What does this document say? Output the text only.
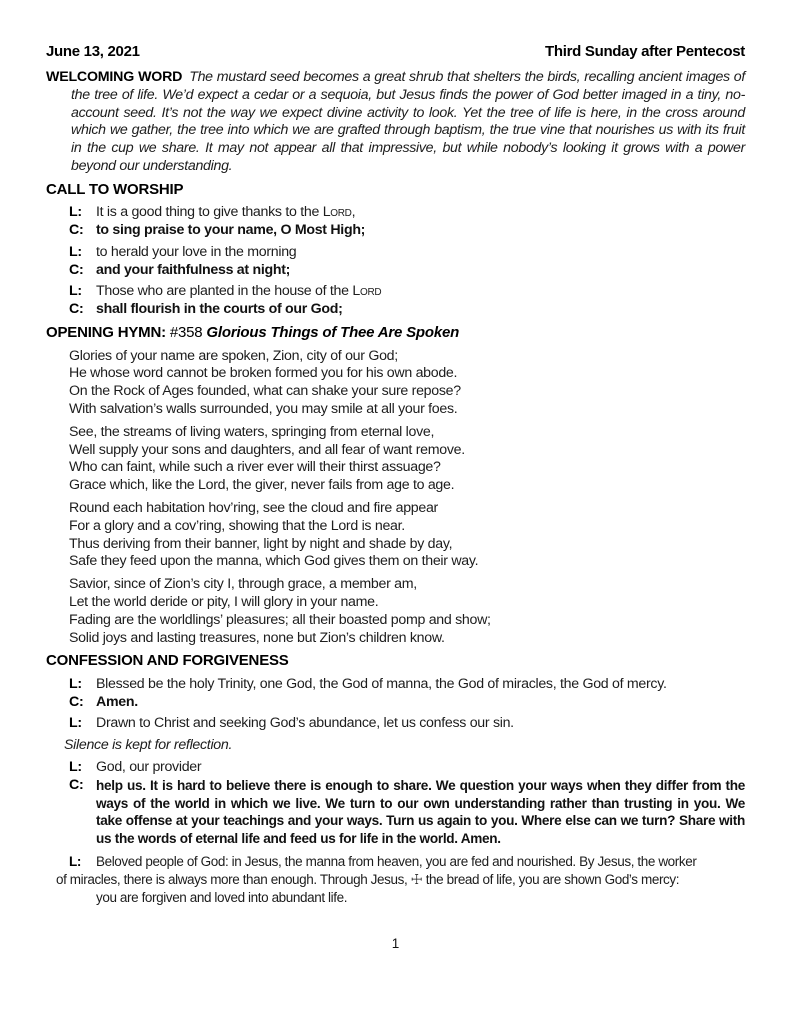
June 13, 2021	Third Sunday after Pentecost

WELCOMING WORD The mustard seed becomes a great shrub that shelters the birds, recalling ancient images of the tree of life. We’d expect a cedar or a sequoia, but Jesus finds the power of God better imaged in a tiny, no-account seed. It’s not the way we expect divine activity to look. Yet the tree of life is here, in the cross around which we gather, the tree into which we are grafted through baptism, the true vine that nourishes us with its fruit in the cup we share. It may not appear all that impressive, but while nobody’s looking it grows with a power beyond our understanding.

CALL TO WORSHIP
L:	It is a good thing to give thanks to the Lord,
C: to sing praise to your name, O Most High;
L:	to herald your love in the morning
C: and your faithfulness at night;
L:	Those who are planted in the house of the Lord
C: shall flourish in the courts of our God;
OPENING HYMN: #358 Glorious Things of Thee Are Spoken
Glories of your name are spoken, Zion, city of our God;
He whose word cannot be broken formed you for his own abode.
On the Rock of Ages founded, what can shake your sure repose?
With salvation’s walls surrounded, you may smile at all your foes.
See, the streams of living waters, springing from eternal love,
Well supply your sons and daughters, and all fear of want remove.
Who can faint, while such a river ever will their thirst assuage?
Grace which, like the Lord, the giver, never fails from age to age.
Round each habitation hov’ring, see the cloud and fire appear
For a glory and a cov’ring, showing that the Lord is near.
Thus deriving from their banner, light by night and shade by day,
Safe they feed upon the manna, which God gives them on their way.
Savior, since of Zion’s city I, through grace, a member am,
Let the world deride or pity, I will glory in your name.
Fading are the worldlings’ pleasures; all their boasted pomp and show;
Solid joys and lasting treasures, none but Zion’s children know.
CONFESSION AND FORGIVENESS
L:	Blessed be the holy Trinity, one God, the God of manna, the God of miracles, the God of mercy.
C: Amen.
L:	Drawn to Christ and seeking God’s abundance, let us confess our sin.
Silence is kept for reflection.
L:	God, our provider
C: help us. It is hard to believe there is enough to share. We question your ways when they differ from the ways of the world in which we live. We turn to our own understanding rather than trusting in you. We take offense at your teachings and your ways. Turn us again to you. Where else can we turn? Share with us the words of eternal life and feed us for life in the world. Amen.
L:	Beloved people of God: in Jesus, the manna from heaven, you are fed and nourished. By Jesus, the worker
of miracles, there is always more than enough. Through Jesus, ☩ the bread of life, you are shown God’s mercy:
you are forgiven and loved into abundant life.
1
